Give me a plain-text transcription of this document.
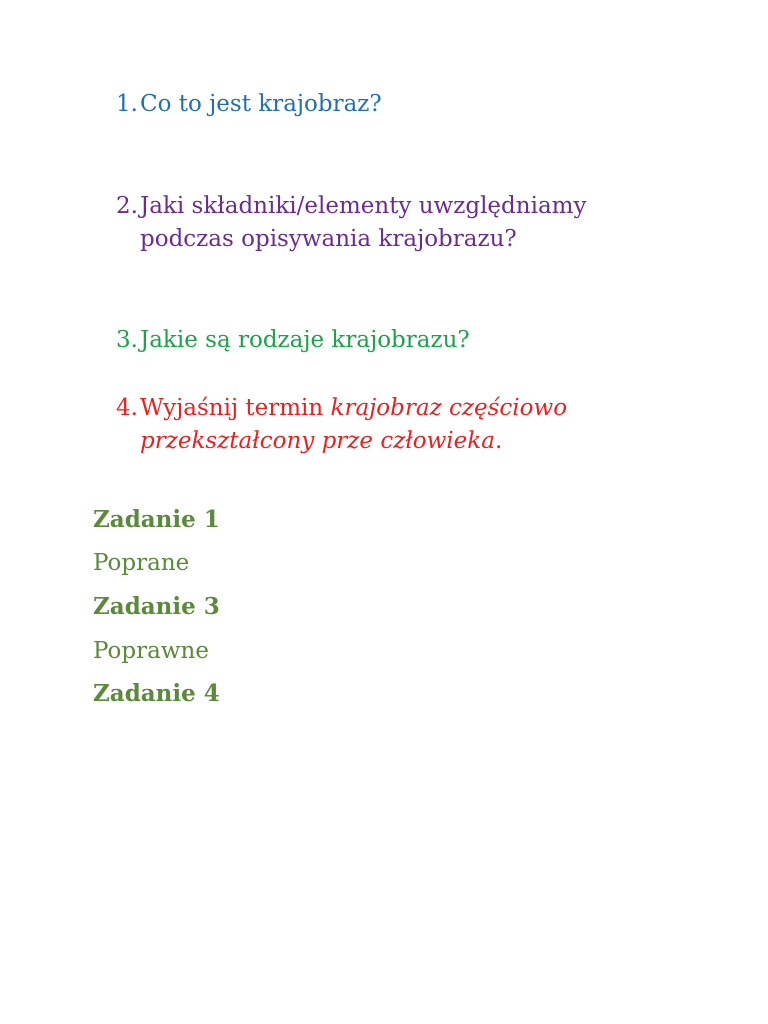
1.Co to jest krajobraz?
2.Jaki składniki/elementy uwzględniamy
podczas opisywania krajobrazu?
3.Jakie są rodzaje krajobrazu?
4.Wyjaśnij termin krajobraz częściowo
przekształcony prze człowieka.

Zadanie 1

Poprane

Zadanie 3

Poprawne

Zadanie 4
